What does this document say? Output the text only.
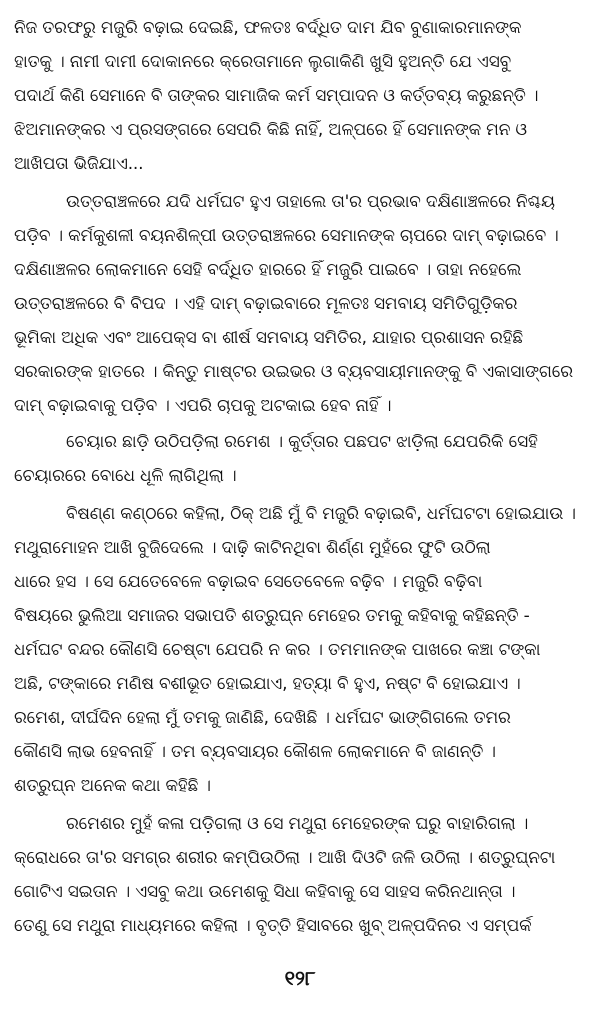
ନିଜ ତରଫରୁ ମଜୁରି ବଢ଼ାଇ ଦେଇଛି, ଫଳତଃ ବର୍ଦ୍ଧିତ ଦାମ ଯିବ ବୁଣାକାରମାନଙ୍କ
ହାତକୁ । ନାମୀ ଦାମୀ ଦୋକାନରେ କ୍ରେତାମାନେ ଲୁଗାକିଣି ଖୁସି ହୁଅନ୍ତି ଯେ ଏସବୁ
ପଦାର୍ଥ କିଣି ସେମାନେ ବି ତାଙ୍କର ସାମାଜିକ କର୍ମ ସମ୍ପାଦନ ଓ କର୍ତ୍ତବ୍ୟ କରୁଛନ୍ତି ।
ଝିଅମାନଙ୍କର ଏ ପ୍ରସଙ୍ଗରେ ସେପରି କିଛି ନାହିଁ, ଅଳ୍ପରେ ହିଁ ସେମାନଙ୍କ ମନ ଓ
ଆଖିପତା ଭିଜିଯାଏ...
ଉତ୍ତରାଞ୍ଚଳରେ ଯଦି ଧର୍ମଘଟ ହୁଏ ତାହାଲେ ତା'ର ପ୍ରଭାବ ଦକ୍ଷିଣାଞ୍ଚଳରେ ନିଶ୍ଚୟ
ପଡ଼ିବ । କର୍ମକୁଶଳୀ ବୟନଶିଳ୍ପୀ ଉତ୍ତରାଞ୍ଚଳରେ ସେମାନଙ୍କ ଚାପରେ ଦାମ୍ ବଢ଼ାଇବେ ।
ଦକ୍ଷିଣାଞ୍ଚଳର ଲୋକମାନେ ସେହି ବର୍ଦ୍ଧିତ ହାରରେ ହିଁ ମଜୁରି ପାଇବେ । ତାହା ନହେଲେ
ଉତ୍ତରାଞ୍ଚଳରେ ବି ବିପଦ । ଏହି ଦାମ୍ ବଢ଼ାଇବାରେ ମୂଳତଃ ସମବାୟ ସମିତିଗୁଡ଼ିକର
ଭୂମିକା ଅଧିକ ଏବଂ ଆପେକ୍ସ ବା ଶୀର୍ଷ ସମବାୟ ସମିତିର, ଯାହାର ପ୍ରଶାସନ ରହିଛି
ସରକାରଙ୍କ ହାତରେ । କିନ୍ତୁ ମାଷ୍ଟର ଉଇଭର ଓ ବ୍ୟବସାୟୀମାନଙ୍କୁ ବି ଏକାସାଙ୍ଗରେ
ଦାମ୍ ବଢ଼ାଇବାକୁ ପଡ଼ିବ । ଏପରି ଚାପକୁ ଅଟକାଇ ହେବ ନାହିଁ ।
ଚେୟାର ଛାଡ଼ି ଉଠିପଡ଼ିଲା ରମେଶ । କୁର୍ତ୍ତାର ପଛପଟ ଝାଡ଼ିଲା ଯେପରିକି ସେହି
ଚେୟାରରେ ବୋଧେ ଧୂଳି ଲାଗିଥିଲା ।
ବିଷଣ୍ଣ କଣ୍ଠରେ କହିଲା, ଠିକ୍ ଅଛି ମୁଁ ବି ମଜୁରି ବଢ଼ାଇବି, ଧର୍ମଘଟଟା ହୋଇଯାଉ ।
ମଥୁରାମୋହନ ଆଖି ବୁଜିଦେଲେ । ଦାଢ଼ି କାଟିନଥିବା ଶିର୍ଣ୍ଣ ମୁହଁରେ ଫୁଟି ଉଠିଲା
ଧାରେ ହସ । ସେ ଯେତେବେଳେ ବଢ଼ାଇବ ସେତେବେଳେ ବଢ଼ିବ । ମଜୁରି ବଢ଼ିବା
ବିଷୟରେ ଭୁଲିଆ ସମାଜର ସଭାପତି ଶତ୍ରୁଘ୍ନ ମେହେର ତମକୁ କହିବାକୁ କହିଛନ୍ତି -
ଧର୍ମଘଟ ବନ୍ଦର କୌଣସି ଚେଷ୍ଟା ଯେପରି ନ କର । ତମମାନଙ୍କ ପାଖରେ କଞ୍ଚା ଟଙ୍କା
ଅଛି, ଟଙ୍କାରେ ମଣିଷ ବଶୀଭୂତ ହୋଇଯାଏ, ହତ୍ୟା ବି ହୁଏ, ନଷ୍ଟ ବି ହୋଇଯାଏ ।
ରମେଶ, ଦୀର୍ଘଦିନ ହେଲା ମୁଁ ତମକୁ ଜାଣିଛି, ଦେଖିଛି । ଧର୍ମଘଟ ଭାଙ୍ଗିଗଲେ ତମର
କୌଣସି ଲାଭ ହେବନାହିଁ । ତମ ବ୍ୟବସାୟର କୌଶଳ ଲୋକମାନେ ବି ଜାଣନ୍ତି ।
ଶତ୍ରୁଘ୍ନ ଅନେକ କଥା କହିଛି ।
ରମେଶର ମୁହଁ କଳା ପଡ଼ିଗଲା ଓ ସେ ମଥୁରା ମେହେରଙ୍କ ଘରୁ ବାହାରିଗଲା ।
କ୍ରୋଧରେ ତା'ର ସମଗ୍ର ଶରୀର କମ୍ପିଉଠିଲା । ଆଖି ଦିଓଟି ଜଳି ଉଠିଲା । ଶତ୍ରୁଘ୍ନଟା
ଗୋଟିଏ ସଇତାନ । ଏସବୁ କଥା ଉମେଶକୁ ସିଧା କହିବାକୁ ସେ ସାହସ କରିନଥାନ୍ତା ।
ତେଣୁ ସେ ମଥୁରା ମାଧ୍ୟମରେ କହିଲା । ବୃତ୍ତି ହିସାବରେ ଖୁବ୍ ଅଳ୍ପଦିନର ଏ ସମ୍ପର୍କ
୧୨୮
